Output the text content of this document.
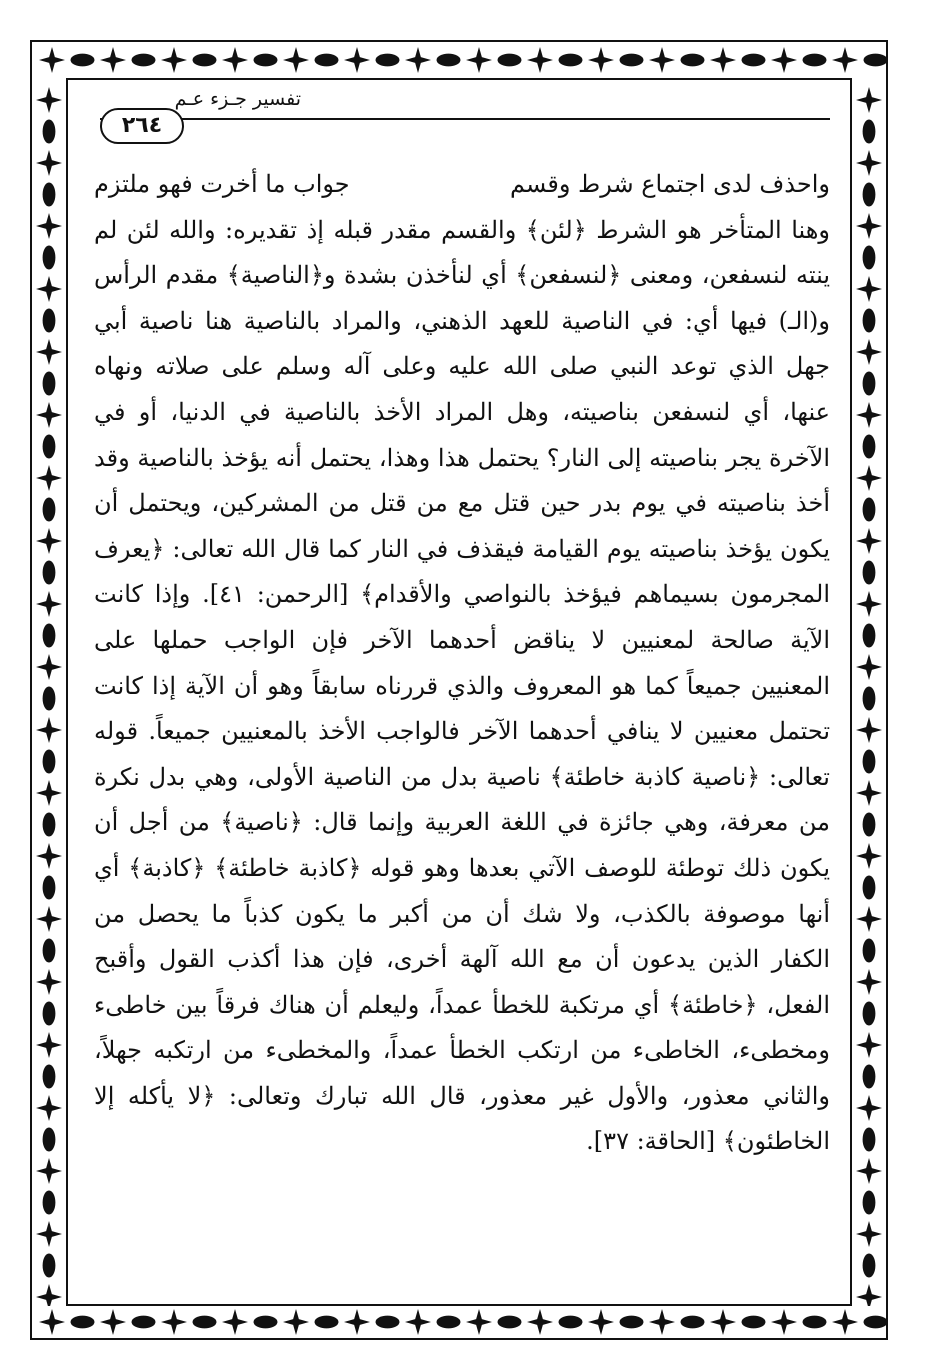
تفسير جـزء عـم
٢٦٤
واحذف لدى اجتماع شرط وقسم
جواب ما أخرت فهو ملتزم

وهنا المتأخر هو الشرط ﴿لئن﴾ والقسم مقدر قبله إذ تقديره: والله لئن لم ينته لنسفعن، ومعنى ﴿لنسفعن﴾ أي لنأخذن بشدة و﴿الناصية﴾ مقدم الرأس و(الـ) فيها أي: في الناصية للعهد الذهني، والمراد بالناصية هنا ناصية أبي جهل الذي توعد النبي صلى الله عليه وعلى آله وسلم على صلاته ونهاه عنها، أي لنسفعن بناصيته، وهل المراد الأخذ بالناصية في الدنيا، أو في الآخرة يجر بناصيته إلى النار؟ يحتمل هذا وهذا، يحتمل أنه يؤخذ بالناصية وقد أخذ بناصيته في يوم بدر حين قتل مع من قتل من المشركين، ويحتمل أن يكون يؤخذ بناصيته يوم القيامة فيقذف في النار كما قال الله تعالى: ﴿يعرف المجرمون بسيماهم فيؤخذ بالنواصي والأقدام﴾ [الرحمن: ٤١]. وإذا كانت الآية صالحة لمعنيين لا يناقض أحدهما الآخر فإن الواجب حملها على المعنيين جميعاً كما هو المعروف والذي قررناه سابقاً وهو أن الآية إذا كانت تحتمل معنيين لا ينافي أحدهما الآخر فالواجب الأخذ بالمعنيين جميعاً. قوله تعالى: ﴿ناصية كاذبة خاطئة﴾ ناصية بدل من الناصية الأولى، وهي بدل نكرة من معرفة، وهي جائزة في اللغة العربية وإنما قال: ﴿ناصية﴾ من أجل أن يكون ذلك توطئة للوصف الآتي بعدها وهو قوله ﴿كاذبة خاطئة﴾ ﴿كاذبة﴾ أي أنها موصوفة بالكذب، ولا شك أن من أكبر ما يكون كذباً ما يحصل من الكفار الذين يدعون أن مع الله آلهة أخرى، فإن هذا أكذب القول وأقبح الفعل، ﴿خاطئة﴾ أي مرتكبة للخطأ عمداً، وليعلم أن هناك فرقاً بين خاطىء ومخطىء، الخاطىء من ارتكب الخطأ عمداً، والمخطىء من ارتكبه جهلاً، والثاني معذور، والأول غير معذور، قال الله تبارك وتعالى: ﴿لا يأكله إلا الخاطئون﴾ [الحاقة: ٣٧].
